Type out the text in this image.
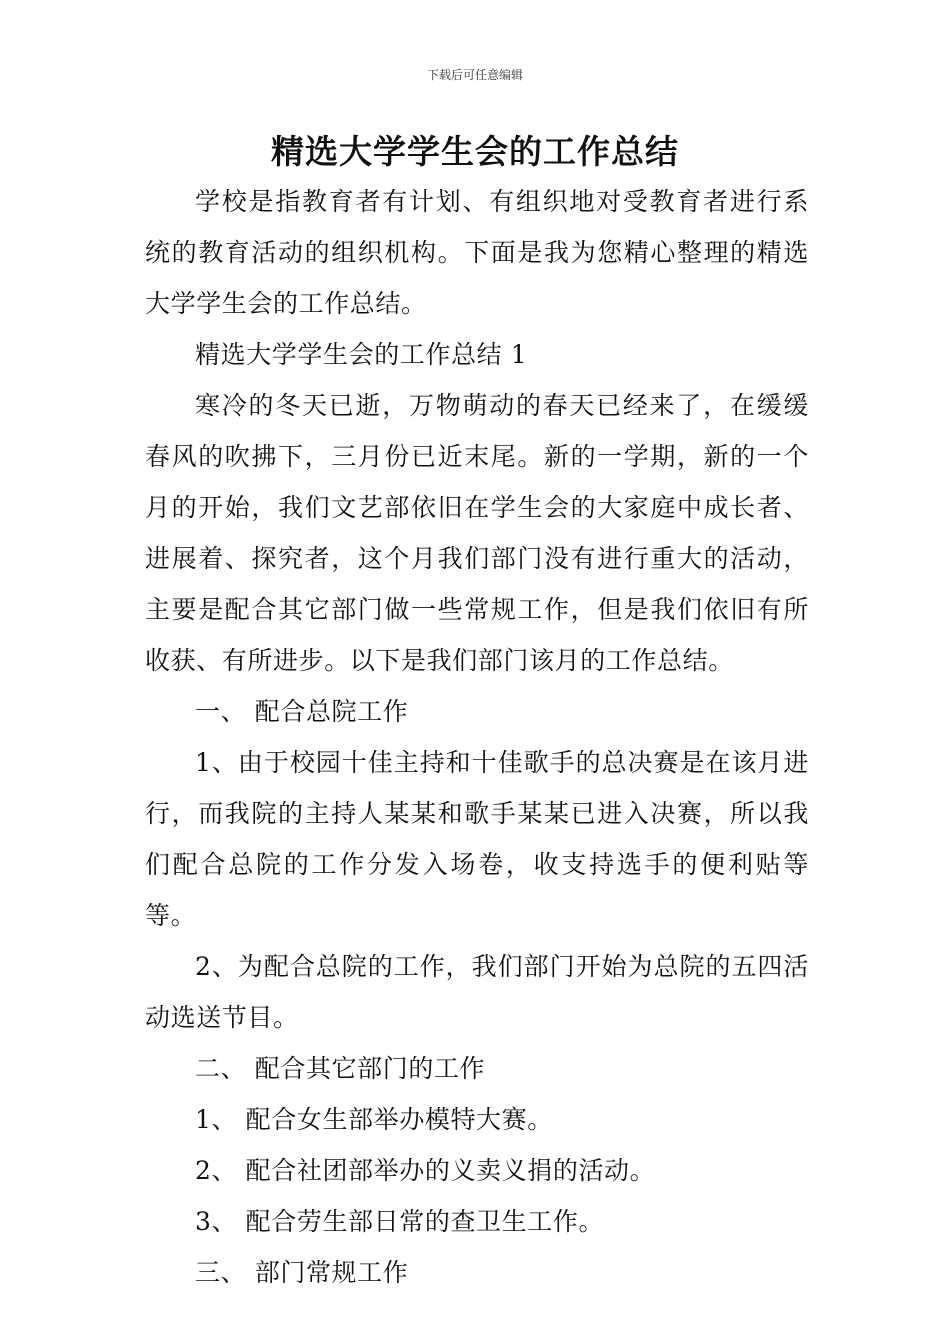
下载后可任意编辑
精选大学学生会的工作总结

学校是指教育者有计划、有组织地对受教育者进行系统的教育活动的组织机构。下面是我为您精心整理的精选大学学生会的工作总结。

精选大学学生会的工作总结 1

寒冷的冬天已逝，万物萌动的春天已经来了，在缓缓春风的吹拂下，三月份已近末尾。新的一学期，新的一个月的开始，我们文艺部依旧在学生会的大家庭中成长者、进展着、探究者，这个月我们部门没有进行重大的活动，主要是配合其它部门做一些常规工作，但是我们依旧有所收获、有所进步。以下是我们部门该月的工作总结。

一、 配合总院工作

1、由于校园十佳主持和十佳歌手的总决赛是在该月进行，而我院的主持人某某和歌手某某已进入决赛，所以我们配合总院的工作分发入场卷，收支持选手的便利贴等等。

2、为配合总院的工作，我们部门开始为总院的五四活动选送节目。

二、 配合其它部门的工作

1、 配合女生部举办模特大赛。

2、 配合社团部举办的义卖义捐的活动。

3、 配合劳生部日常的查卫生工作。

三、 部门常规工作
